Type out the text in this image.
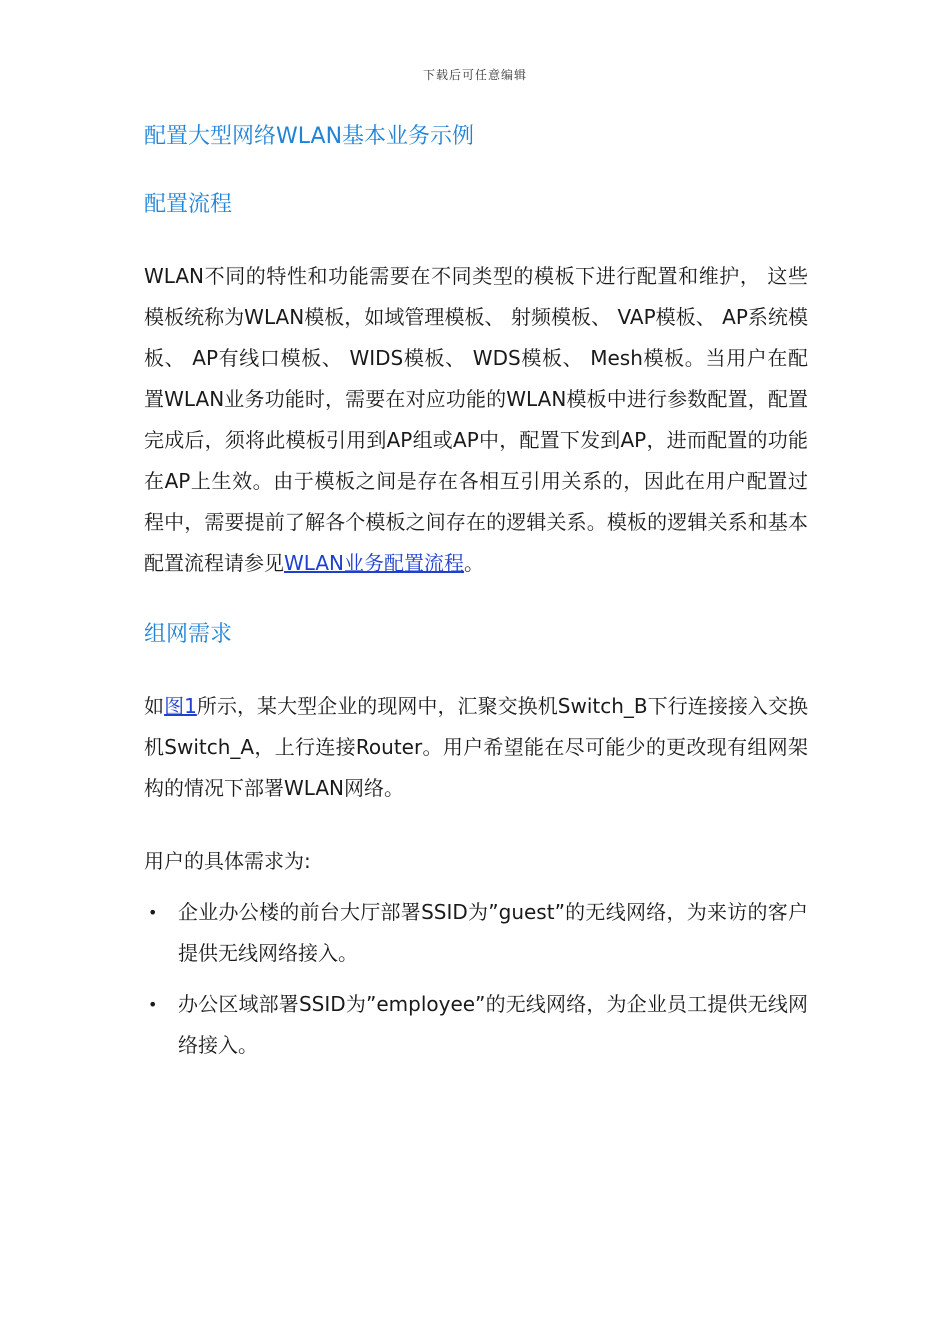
下载后可任意编辑
配置大型网络WLAN基本业务示例
配置流程

WLAN不同的特性和功能需要在不同类型的模板下进行配置和维护， 这些模板统称为WLAN模板，如域管理模板、 射频模板、 VAP模板、 AP系统模板、 AP有线口模板、 WIDS模板、 WDS模板、 Mesh模板。当用户在配置WLAN业务功能时，需要在对应功能的WLAN模板中进行参数配置，配置完成后，须将此模板引用到AP组或AP中，配置下发到AP，进而配置的功能在AP上生效。由于模板之间是存在各相互引用关系的，因此在用户配置过程中，需要提前了解各个模板之间存在的逻辑关系。模板的逻辑关系和基本配置流程请参见WLAN业务配置流程。

组网需求

如图1所示，某大型企业的现网中，汇聚交换机Switch_B下行连接接入交换机Switch_A，上行连接Router。用户希望能在尽可能少的更改现有组网架构的情况下部署WLAN网络。

用户的具体需求为:

• 企业办公楼的前台大厅部署SSID为”guest”的无线网络，为来访的客户提供无线网络接入。
• 办公区域部署SSID为”employee”的无线网络，为企业员工提供无线网络接入。
